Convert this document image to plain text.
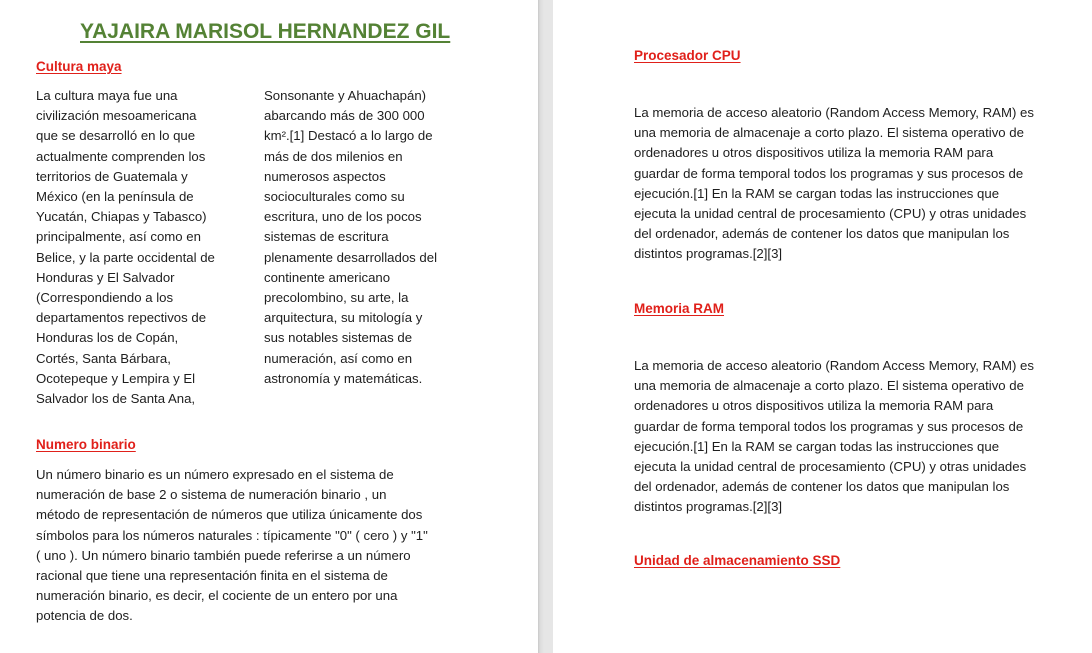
YAJAIRA MARISOL HERNANDEZ GIL
Cultura maya

La cultura maya fue una
civilización mesoamericana
que se desarrolló en lo que
actualmente comprenden los
territorios de Guatemala y
México (en la península de
Yucatán, Chiapas y Tabasco)
principalmente, así como en
Belice, y la parte occidental de
Honduras y El Salvador
(Correspondiendo a los
departamentos repectivos de
Honduras los de Copán,
Cortés, Santa Bárbara,
Ocotepeque y Lempira y El
Salvador los de Santa Ana,

Sonsonante y Ahuachapán)
abarcando más de 300 000
km².[1] Destacó a lo largo de
más de dos milenios en
numerosos aspectos
socioculturales como su
escritura, uno de los pocos
sistemas de escritura
plenamente desarrollados del
continente americano
precolombino, su arte, la
arquitectura, su mitología y
sus notables sistemas de
numeración, así como en
astronomía y matemáticas.

Numero binario

Un número binario es un número expresado en el sistema de
numeración de base 2 o sistema de numeración binario , un
método de representación de números que utiliza únicamente dos
símbolos para los números naturales : típicamente "0" ( cero ) y "1"
( uno ). Un número binario también puede referirse a un número
racional que tiene una representación finita en el sistema de
numeración binario, es decir, el cociente de un entero por una
potencia de dos.

Procesador CPU

La memoria de acceso aleatorio (Random Access Memory, RAM) es
una memoria de almacenaje a corto plazo. El sistema operativo de
ordenadores u otros dispositivos utiliza la memoria RAM para
guardar de forma temporal todos los programas y sus procesos de
ejecución.[1] En la RAM se cargan todas las instrucciones que
ejecuta la unidad central de procesamiento (CPU) y otras unidades
del ordenador, además de contener los datos que manipulan los
distintos programas.[2][3]

Memoria RAM

La memoria de acceso aleatorio (Random Access Memory, RAM) es
una memoria de almacenaje a corto plazo. El sistema operativo de
ordenadores u otros dispositivos utiliza la memoria RAM para
guardar de forma temporal todos los programas y sus procesos de
ejecución.[1] En la RAM se cargan todas las instrucciones que
ejecuta la unidad central de procesamiento (CPU) y otras unidades
del ordenador, además de contener los datos que manipulan los
distintos programas.[2][3]

Unidad de almacenamiento SSD
